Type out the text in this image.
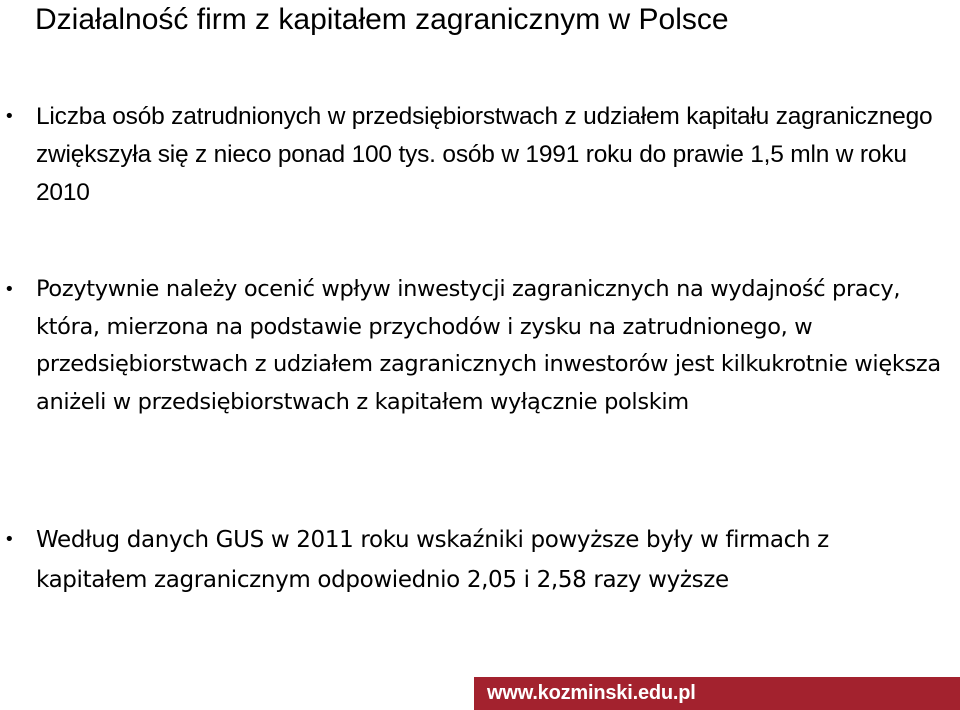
Działalność firm z kapitałem zagranicznym w Polsce
• Liczba osób zatrudnionych w przedsiębiorstwach z udziałem kapitału zagranicznego zwiększyła się z nieco ponad 100 tys. osób w 1991 roku do prawie 1,5 mln w roku 2010
• Pozytywnie należy ocenić wpływ inwestycji zagranicznych na wydajność pracy, która, mierzona na podstawie przychodów i zysku na zatrudnionego, w przedsiębiorstwach z udziałem zagranicznych inwestorów jest kilkukrotnie większa aniżeli w przedsiębiorstwach z kapitałem wyłącznie polskim
• Według danych GUS w 2011 roku wskaźniki powyższe były w firmach z kapitałem zagranicznym odpowiednio 2,05 i 2,58 razy wyższe
www.kozminski.edu.pl
